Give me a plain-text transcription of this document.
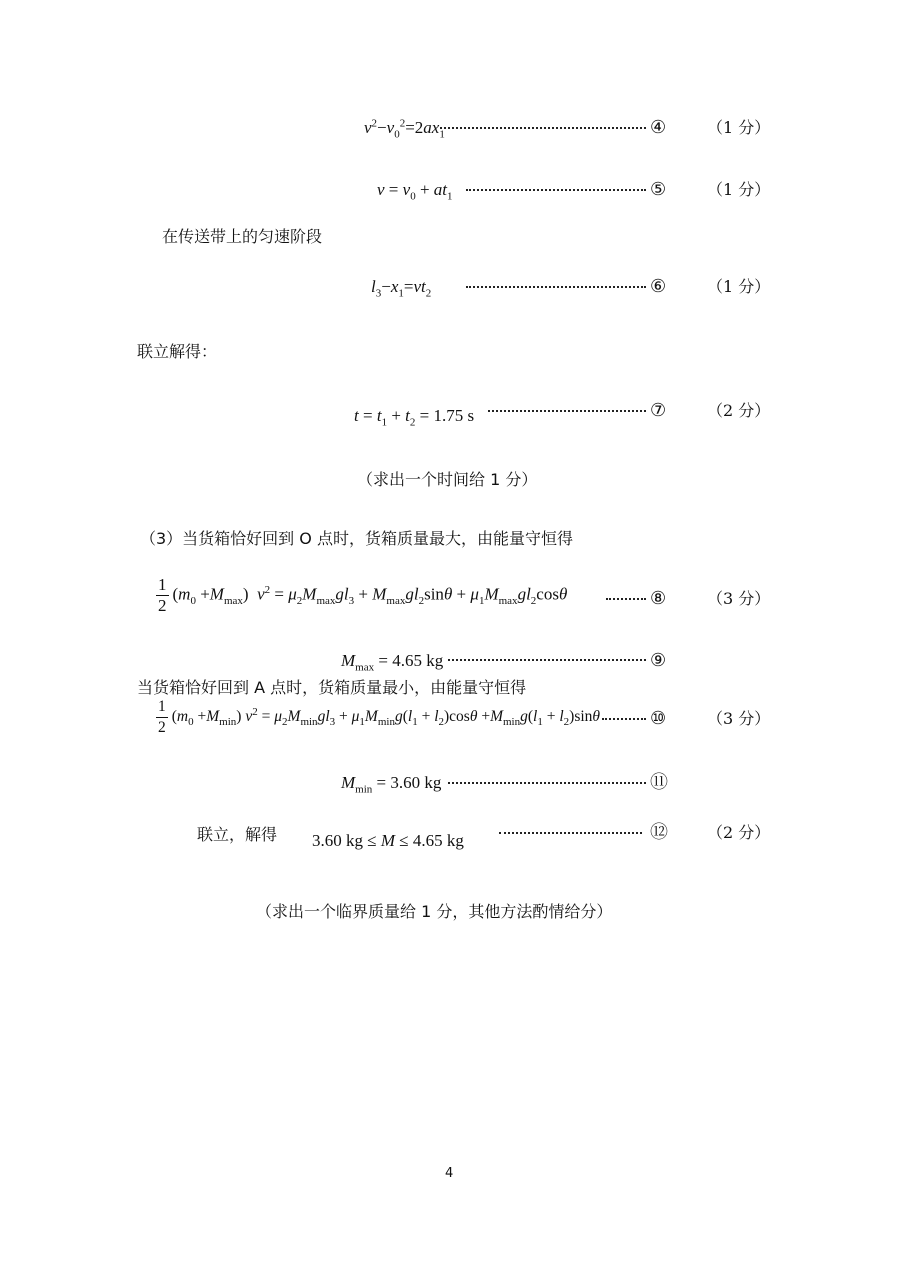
$v^2-v_0^2=2ax_1$	④	（1 分）
$v = v_0 + at_1$	⑤	（1 分）
在传送带上的匀速阶段
$l_3-x_1=vt_2$	⑥	（1 分）
联立解得：
$t = t_1 + t_2 = 1.75$ s	⑦	（2 分）
（求出一个时间给 1 分）
（3）当货箱恰好回到 O 点时，货箱质量最大，由能量守恒得
$\frac{1}{2} (m_0 +M_{max}) v^2 = \mu_2M_{max}gl_3 + M_{max}gl_2\sin\theta + \mu_1M_{max}gl_2\cos\theta$	⑧	（3 分）
$M_{max} = 4.65$ kg	⑨
当货箱恰好回到 A 点时，货箱质量最小，由能量守恒得
$\frac{1}{2} (m_0 +M_{min}) v^2 = \mu_2M_{min}gl_3 + \mu_1M_{min}g(l_1 + l_2)\cos\theta +M_{min}g(l_1 + l_2)\sin\theta$	⑩	（3 分）
$M_{min} = 3.60$ kg	⑪
联立，解得 3.60 kg ≤ M ≤ 4.65 kg	⑫ （2 分）
（求出一个临界质量给 1 分，其他方法酌情给分）
4
